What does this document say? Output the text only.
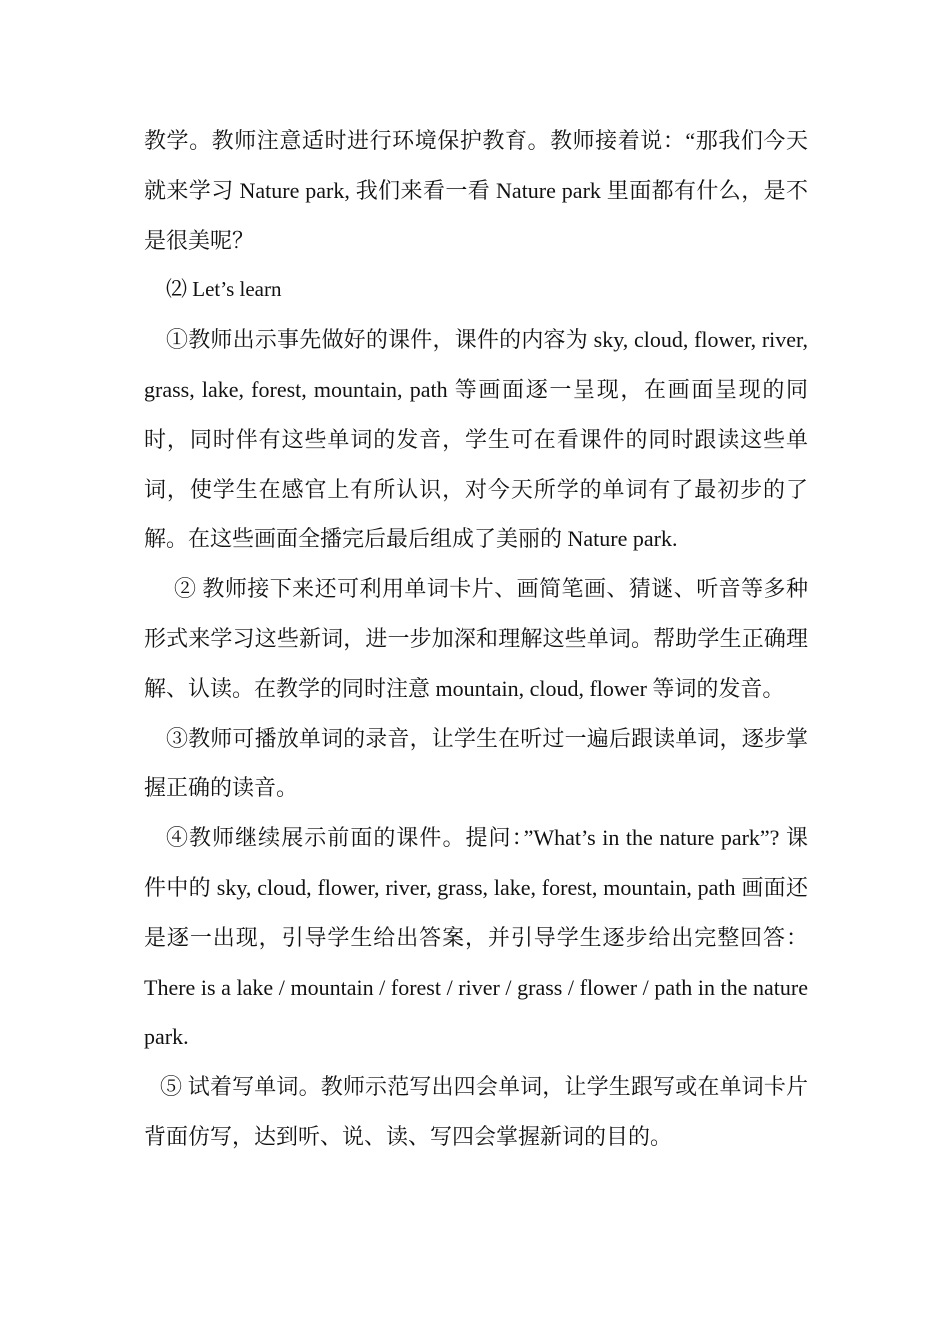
教学。教师注意适时进行环境保护教育。教师接着说：“那我们今天就来学习 Nature park, 我们来看一看 Nature park 里面都有什么，是不是很美呢？

⑵ Let’s learn

①教师出示事先做好的课件，课件的内容为 sky, cloud, flower, river, grass, lake, forest, mountain, path 等画面逐一呈现，在画面呈现的同时，同时伴有这些单词的发音，学生可在看课件的同时跟读这些单词，使学生在感官上有所认识，对今天所学的单词有了最初步的了解。在这些画面全播完后最后组成了美丽的 Nature park.

② 教师接下来还可利用单词卡片、画简笔画、猜谜、听音等多种形式来学习这些新词，进一步加深和理解这些单词。帮助学生正确理解、认读。在教学的同时注意 mountain, cloud, flower 等词的发音。

③教师可播放单词的录音，让学生在听过一遍后跟读单词，逐步掌握正确的读音。

④教师继续展示前面的课件。提问：”What’s in the nature park”? 课件中的 sky, cloud, flower, river, grass, lake, forest, mountain, path 画面还是逐一出现，引导学生给出答案，并引导学生逐步给出完整回答：There is a lake / mountain / forest / river / grass / flower / path in the nature park.

⑤ 试着写单词。教师示范写出四会单词，让学生跟写或在单词卡片背面仿写，达到听、说、读、写四会掌握新词的目的。
